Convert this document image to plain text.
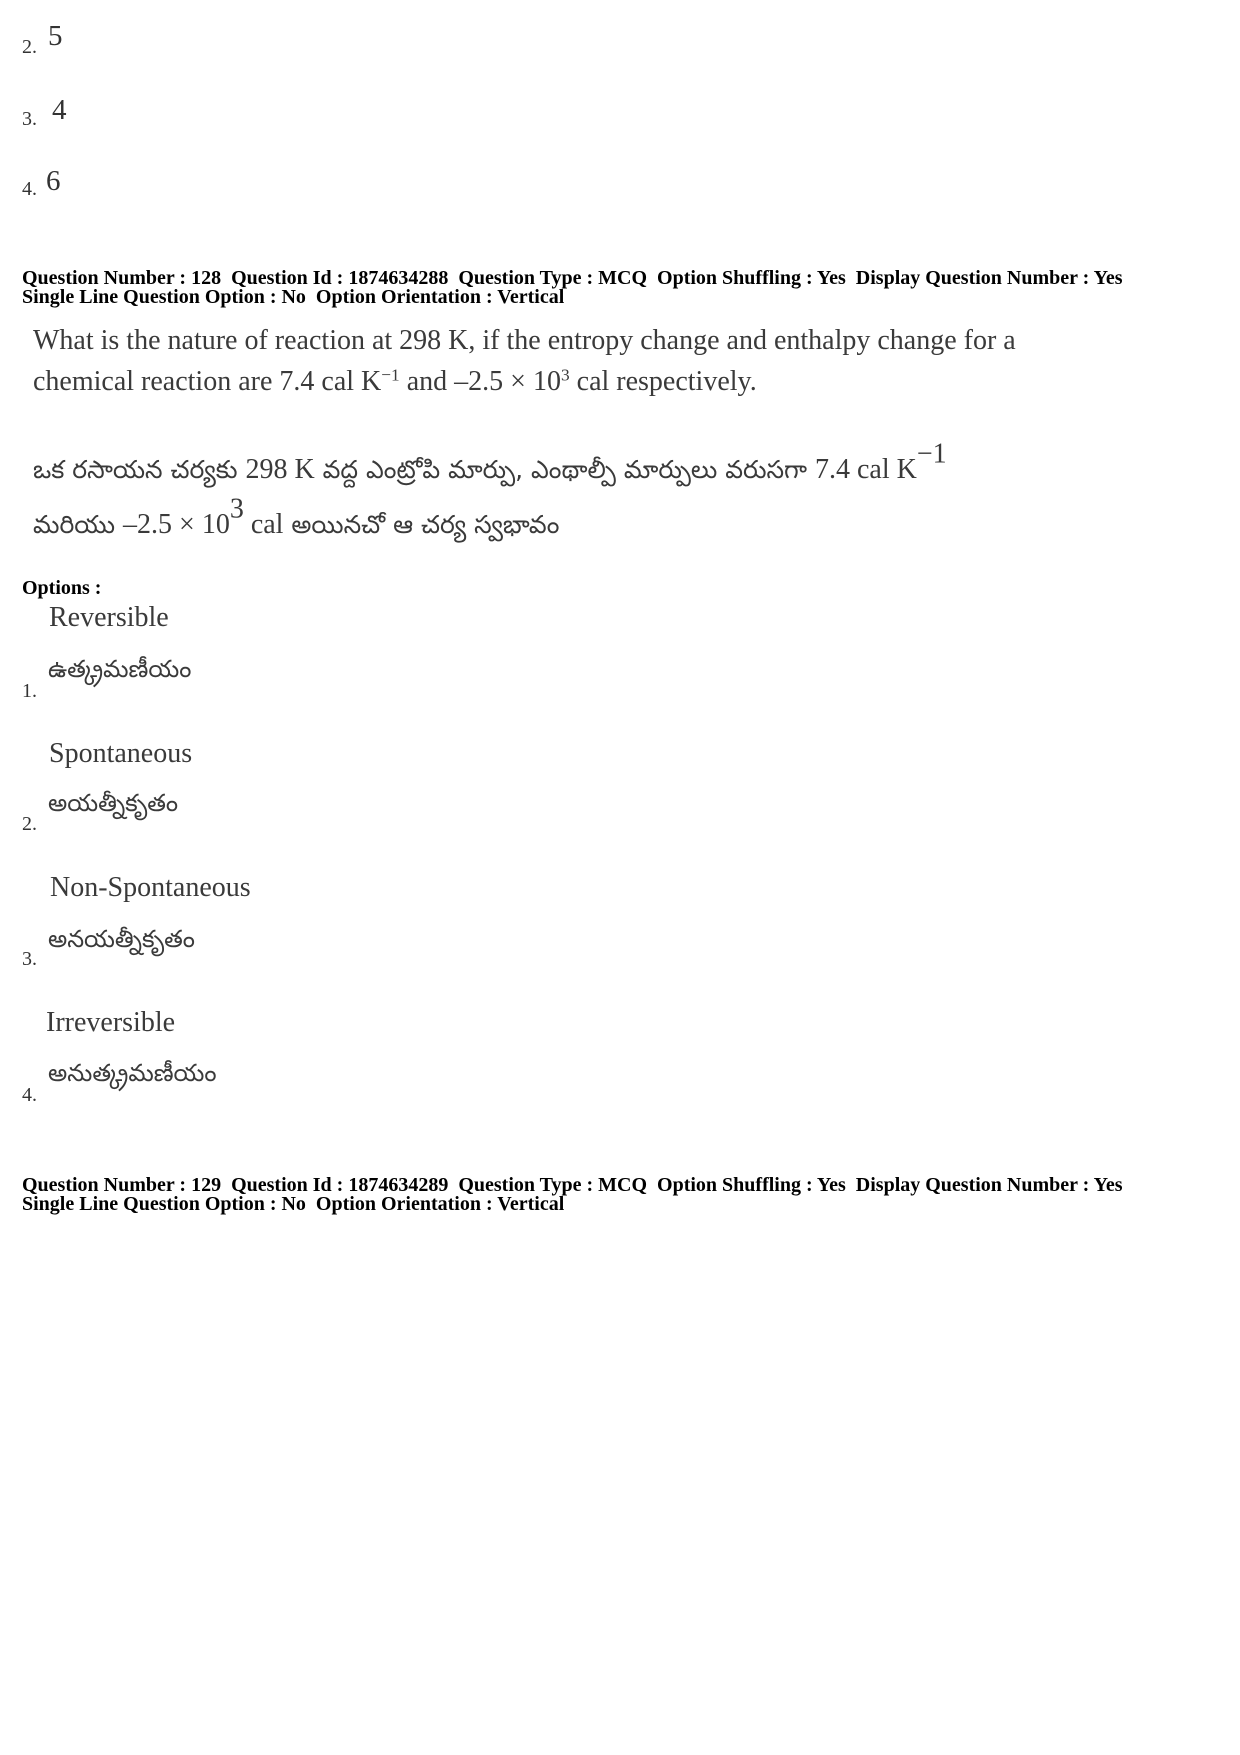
2. 5
3. 4
4. 6
Question Number : 128  Question Id : 1874634288  Question Type : MCQ  Option Shuffling : Yes  Display Question Number : Yes
Single Line Question Option : No  Option Orientation : Vertical
What is the nature of reaction at 298 K, if the entropy change and enthalpy change for a
chemical reaction are 7.4 cal $K^{-1}$ and $-2.5 \times 10^3$ cal respectively.
ఒక రసాయన చర్యకు 298 K వద్ద ఎంట్రోపి మార్పు, ఎంథాల్పీ మార్పులు వరుసగా 7.4 cal $K^{-1}$
మరియు $-2.5 \times 10^3$ cal అయినచో ఆ చర్య స్వభావం
Options :
Reversible
ఉత్క్రమణీయం
1.
Spontaneous
అయత్నీకృతం
2.
Non-Spontaneous
అనయత్నీకృతం
3.
Irreversible
అనుత్క్రమణీయం
4.
Question Number : 129  Question Id : 1874634289  Question Type : MCQ  Option Shuffling : Yes  Display Question Number : Yes
Single Line Question Option : No  Option Orientation : Vertical
